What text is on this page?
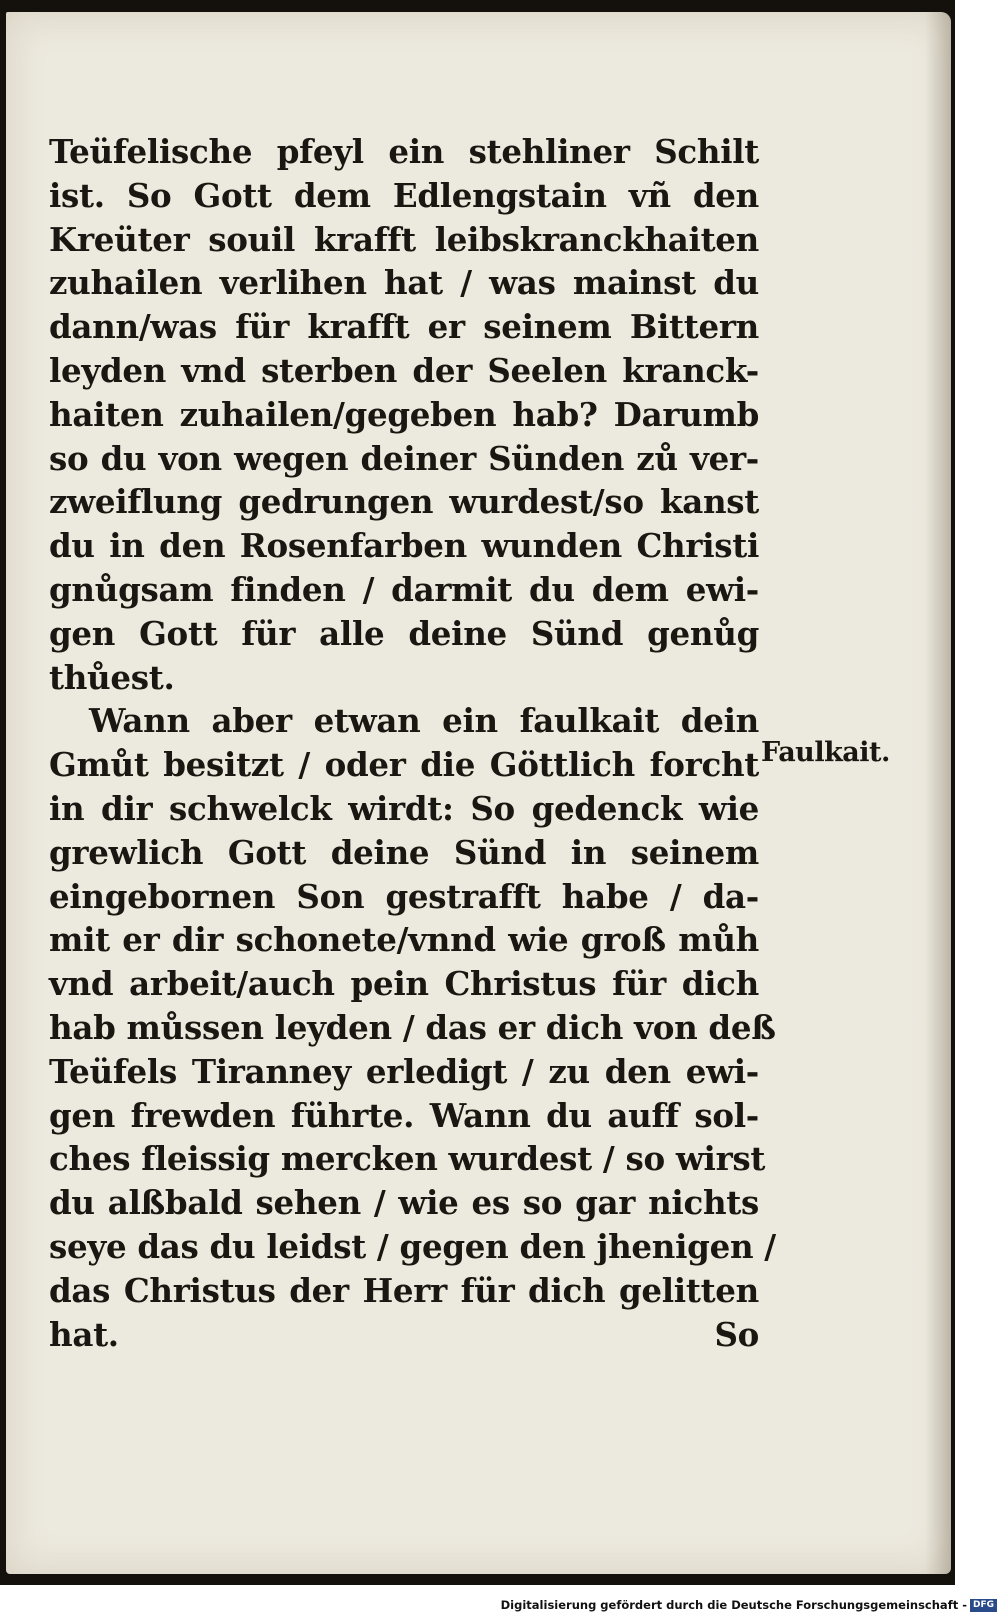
Teüfelische pfeyl ein stehliner Schilt
ist. So Gott dem Edlengstain vñ den
Kreüter souil krafft leibskranckhaiten
zuhailen verlihen hat / was mainst du
dann/was für krafft er seinem Bittern
leyden vnd sterben der Seelen kranck-
haiten zuhailen/gegeben hab? Darumb
so du von wegen deiner Sünden zů ver-
zweiflung gedrungen wurdest/so kanst
du in den Rosenfarben wunden Christi
gnůgsam finden / darmit du dem ewi-
gen Gott für alle deine Sünd genůg
thůest.
Wann aber etwan ein faulkait dein
Gmůt besitzt / oder die Göttlich forcht
in dir schwelck wirdt: So gedenck wie
grewlich Gott deine Sünd in seinem
eingebornen Son gestrafft habe / da-
mit er dir schonete/vnnd wie groß můh
vnd arbeit/auch pein Christus für dich
hab můssen leyden / das er dich von deß
Teüfels Tiranney erledigt / zu den ewi-
gen frewden führte. Wann du auff sol-
ches fleissig mercken wurdest / so wirst
du alßbald sehen / wie es so gar nichts
seye das du leidst / gegen den jhenigen /
das Christus der Herr für dich gelitten
hat.	So
Faulkait.
Digitalisierung gefördert durch die Deutsche Forschungsgemeinschaft - DFG
